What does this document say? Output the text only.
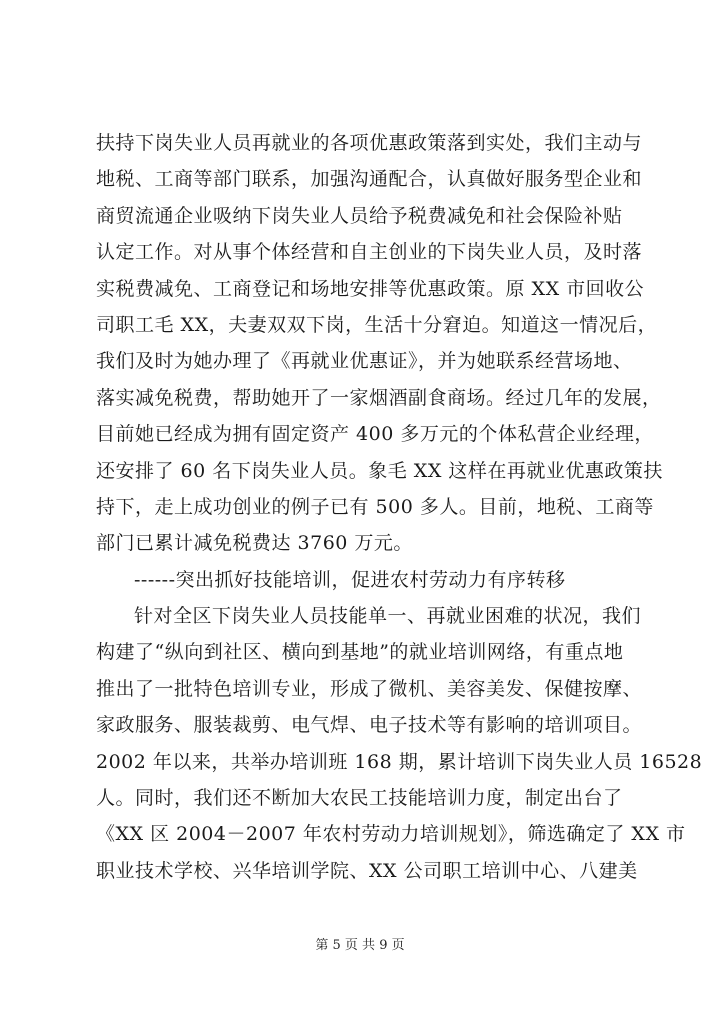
扶持下岗失业人员再就业的各项优惠政策落到实处，我们主动与
地税、工商等部门联系，加强沟通配合，认真做好服务型企业和
商贸流通企业吸纳下岗失业人员给予税费减免和社会保险补贴
认定工作。对从事个体经营和自主创业的下岗失业人员，及时落
实税费减免、工商登记和场地安排等优惠政策。原 XX 市回收公
司职工毛 XX，夫妻双双下岗，生活十分窘迫。知道这一情况后，
我们及时为她办理了《再就业优惠证》，并为她联系经营场地、
落实减免税费，帮助她开了一家烟酒副食商场。经过几年的发展，
目前她已经成为拥有固定资产 400 多万元的个体私营企业经理，
还安排了 60 名下岗失业人员。象毛 XX 这样在再就业优惠政策扶
持下，走上成功创业的例子已有 500 多人。目前，地税、工商等
部门已累计减免税费达 3760 万元。
------突出抓好技能培训，促进农村劳动力有序转移
针对全区下岗失业人员技能单一、再就业困难的状况，我们
构建了“纵向到社区、横向到基地”的就业培训网络，有重点地
推出了一批特色培训专业，形成了微机、美容美发、保健按摩、
家政服务、服装裁剪、电气焊、电子技术等有影响的培训项目。
2002 年以来，共举办培训班 168 期，累计培训下岗失业人员 16528
人。同时，我们还不断加大农民工技能培训力度，制定出台了
《XX 区 2004－2007 年农村劳动力培训规划》，筛选确定了 XX 市
职业技术学校、兴华培训学院、XX 公司职工培训中心、八建美
第 5 页 共 9 页
